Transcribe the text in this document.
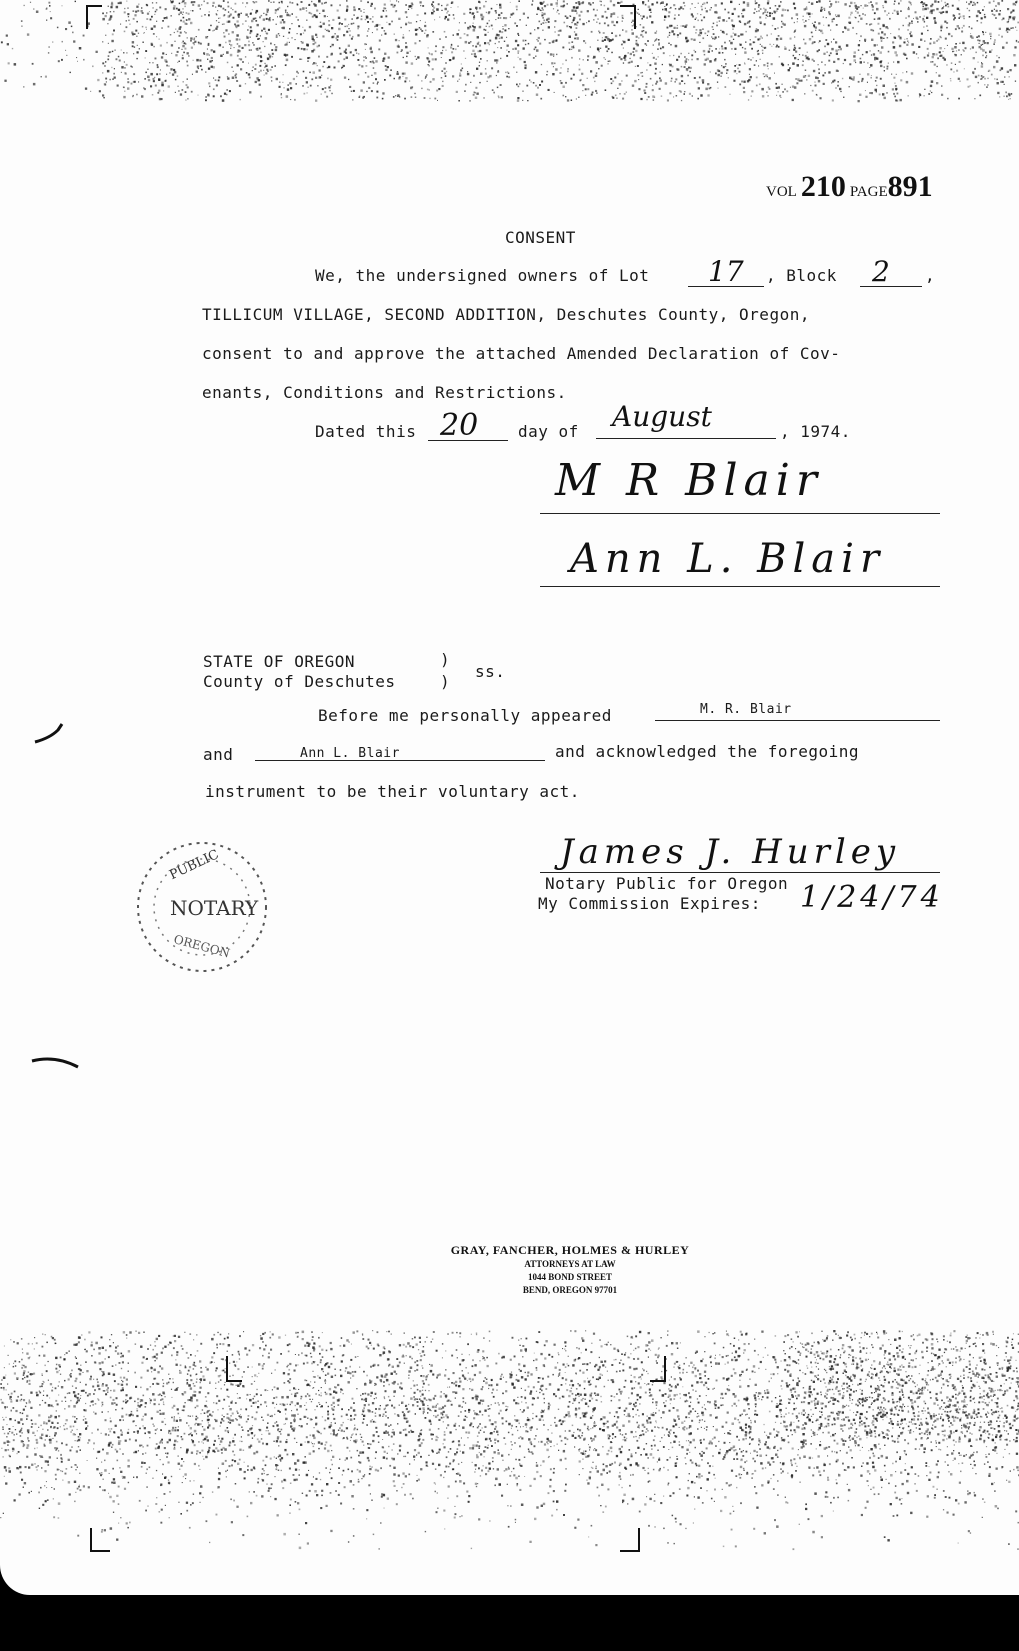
VOL 210 PAGE891
CONSENT
We, the undersigned owners of Lot 17 , Block 2 ,
TILLICUM VILLAGE, SECOND ADDITION, Deschutes County, Oregon,
consent to and approve the attached Amended Declaration of Cov-
enants, Conditions and Restrictions.
Dated this 20 day of August	, 1974.
M R Blair
Ann L. Blair
STATE OF OREGON
County of Deschutes
)
)
ss.
Before me personally appeared	M. R. Blair
and	Ann L. Blair	and acknowledged the foregoing
instrument to be their voluntary act.
PUBLIC
NOTARY
OREGON
James J. Hurley
Notary Public for Oregon
My Commission Expires: 1/24/74
GRAY, FANCHER, HOLMES & HURLEY
ATTORNEYS AT LAW
1044 BOND STREET
BEND, OREGON 97701
